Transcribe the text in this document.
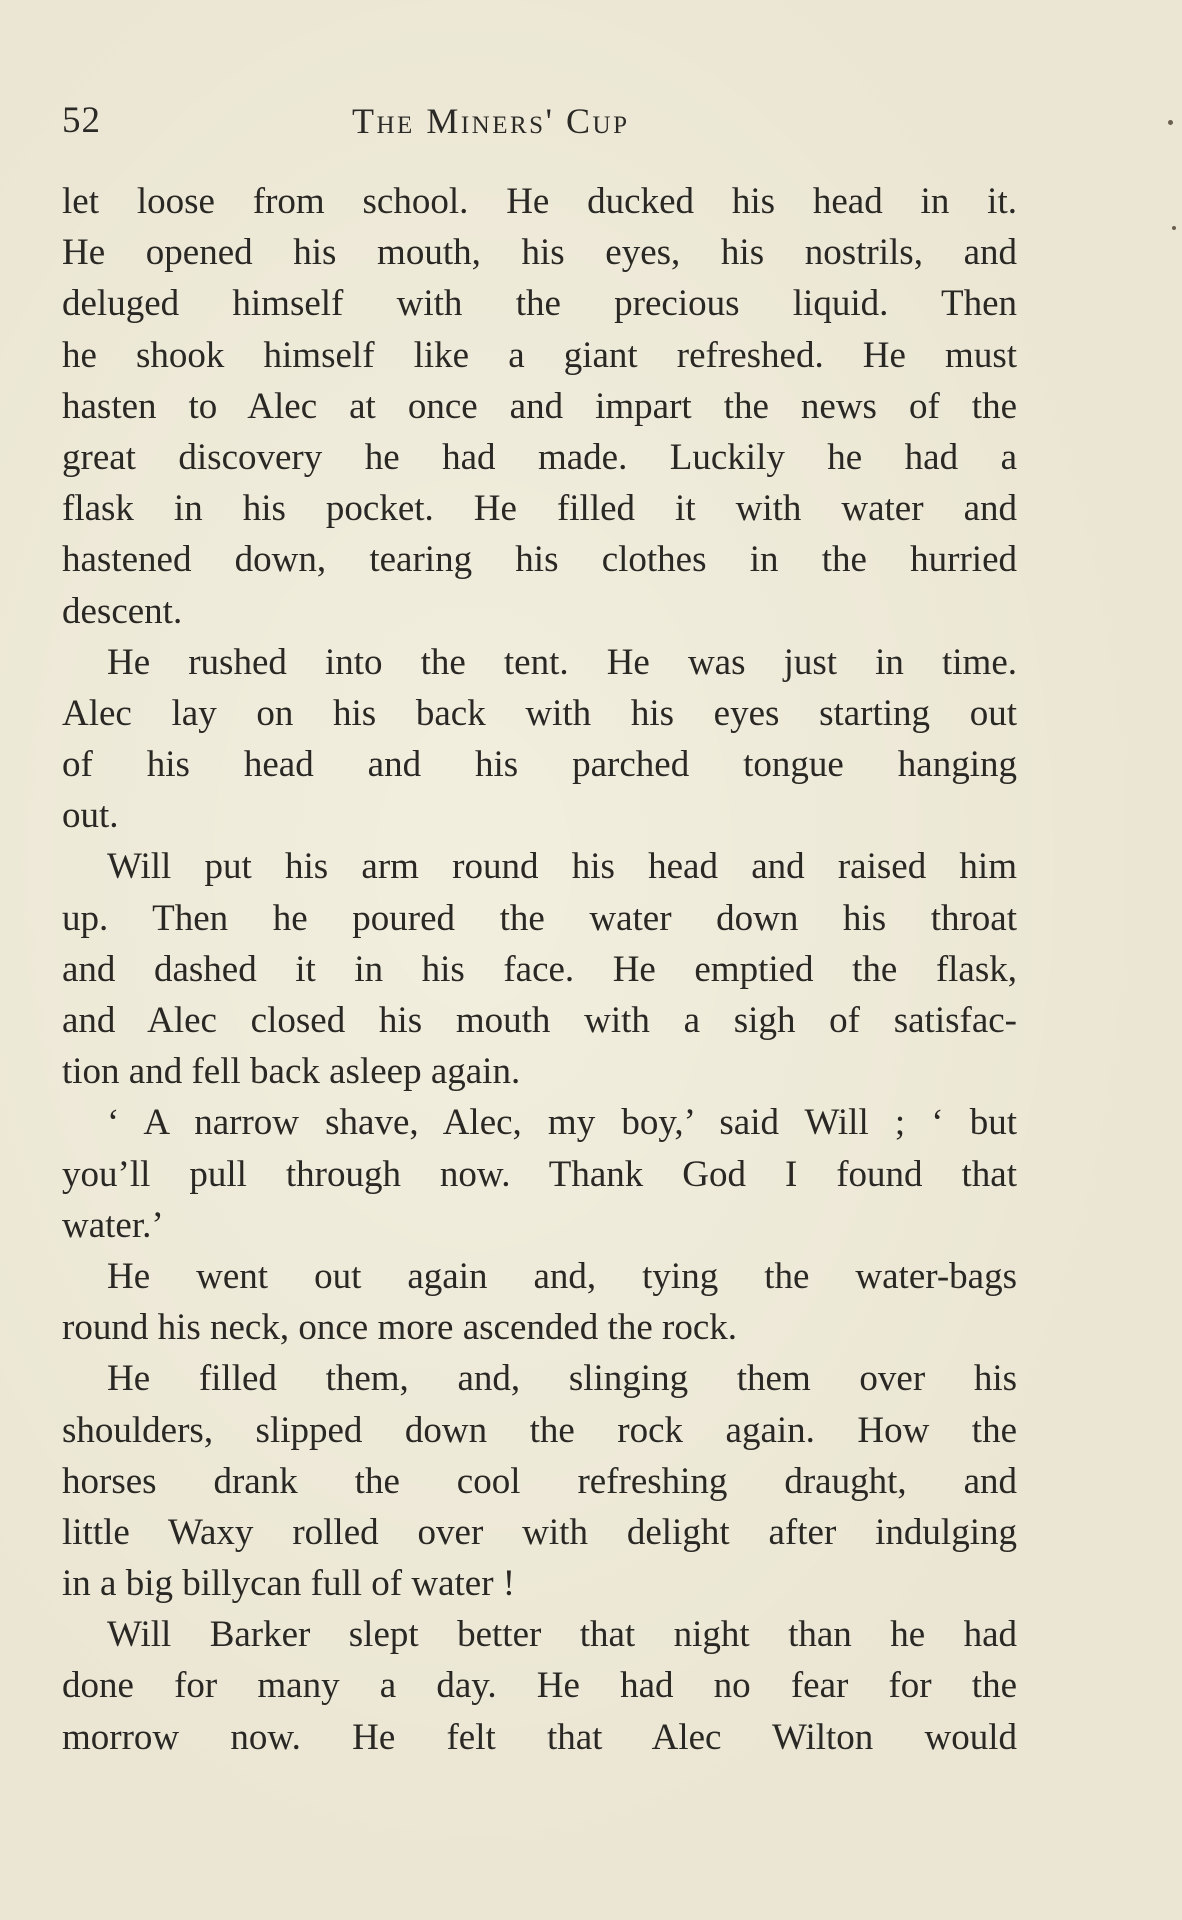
52	The Miners' Cup
let loose from school. He ducked his head in it.
He opened his mouth, his eyes, his nostrils, and
deluged himself with the precious liquid. Then
he shook himself like a giant refreshed. He must
hasten to Alec at once and impart the news of the
great discovery he had made. Luckily he had a
flask in his pocket. He filled it with water and
hastened down, tearing his clothes in the hurried
descent.
He rushed into the tent. He was just in time.
Alec lay on his back with his eyes starting out
of his head and his parched tongue hanging
out.
Will put his arm round his head and raised him
up. Then he poured the water down his throat
and dashed it in his face. He emptied the flask,
and Alec closed his mouth with a sigh of satisfac-
tion and fell back asleep again.
‘ A narrow shave, Alec, my boy,’ said Will ; ‘ but
you’ll pull through now. Thank God I found that
water.’
He went out again and, tying the water-bags
round his neck, once more ascended the rock.
He filled them, and, slinging them over his
shoulders, slipped down the rock again. How the
horses drank the cool refreshing draught, and
little Waxy rolled over with delight after indulging
in a big billycan full of water !
Will Barker slept better that night than he had
done for many a day. He had no fear for the
morrow now. He felt that Alec Wilton would
